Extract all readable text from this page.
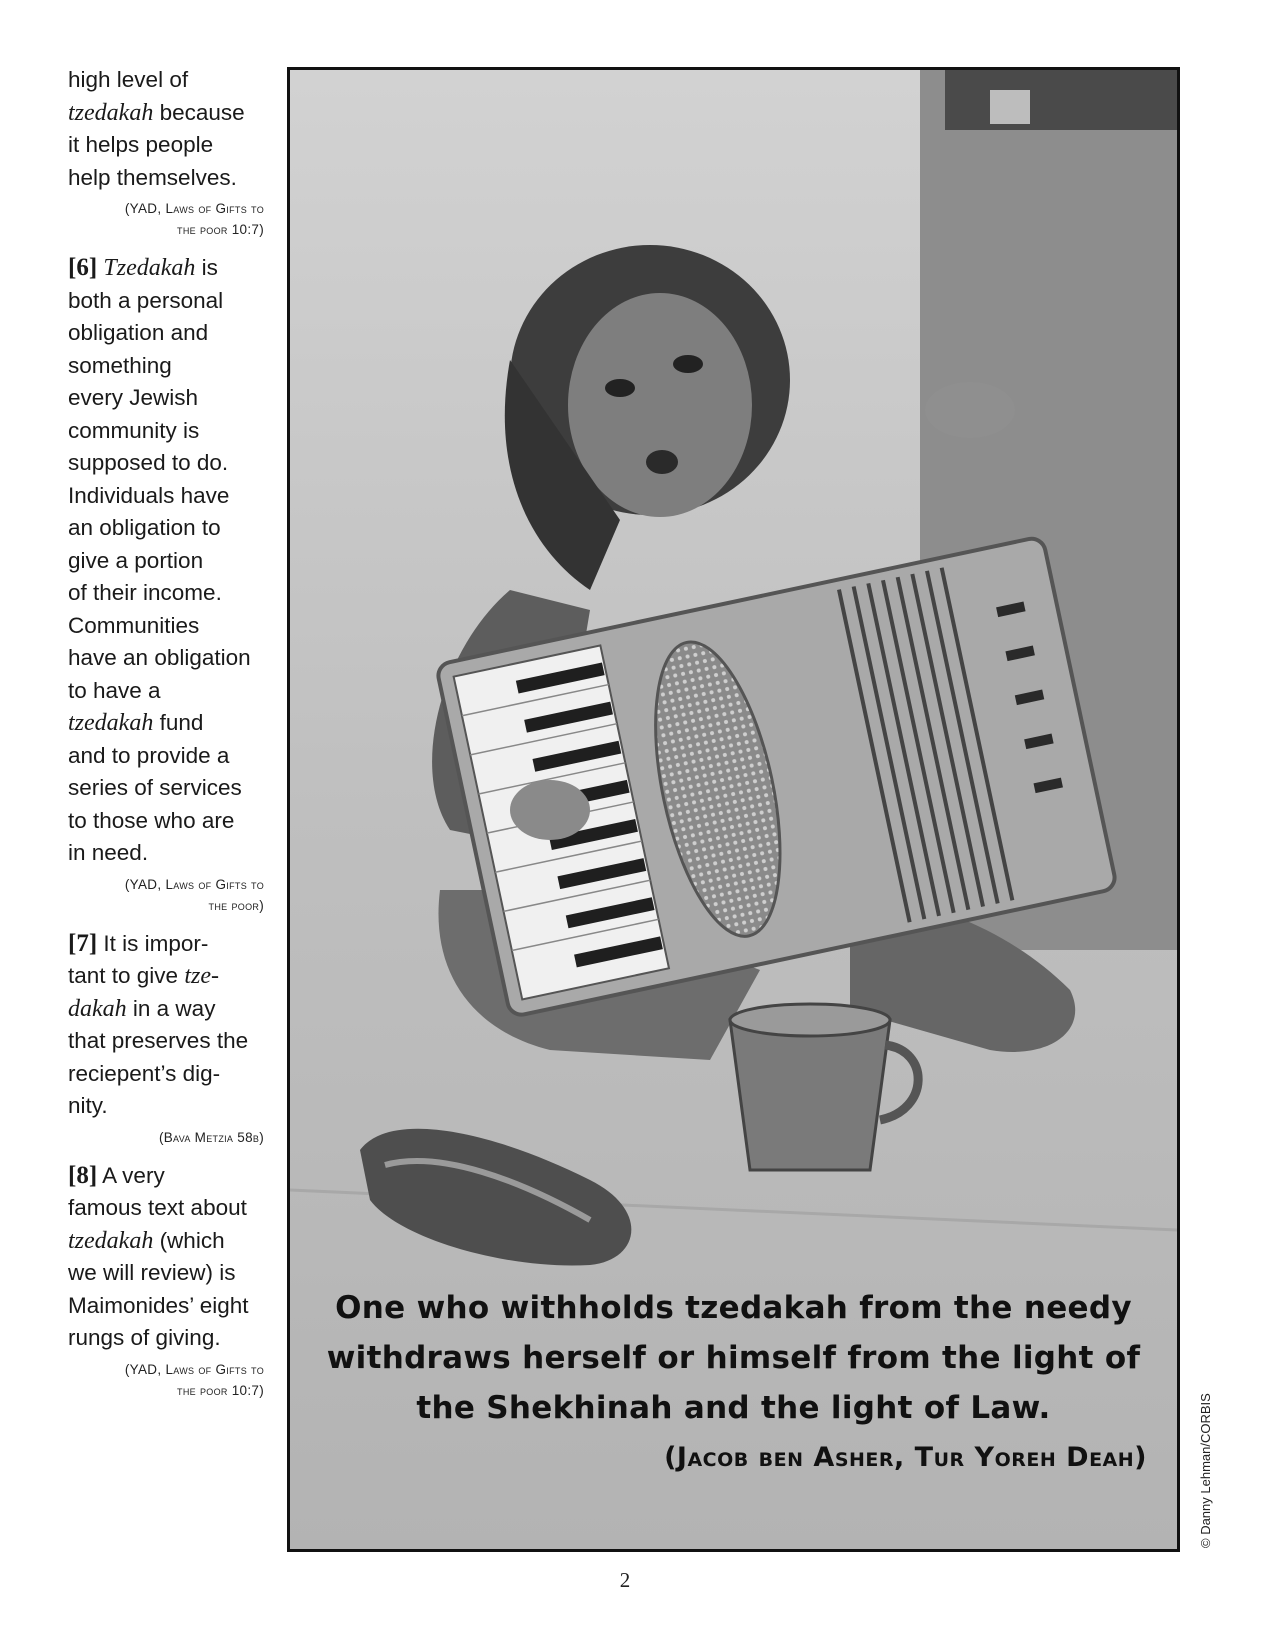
high level of
tzedakah because
it helps people
help themselves.

(YAD, Laws of Gifts to
the poor 10:7)

[6] Tzedakah is
both a personal
obligation and
something
every Jewish
community is
supposed to do.
Individuals have
an obligation to
give a portion
of their income.
Communities
have an obligation
to have a
tzedakah fund
and to provide a
series of services
to those who are
in need.

(YAD, Laws of Gifts to
the poor)

[7] It is impor-
tant to give tze-
dakah in a way
that preserves the
reciepent’s dig-
nity.

(Bava Metzia 58b)

[8] A very
famous text about
tzedakah (which
we will review) is
Maimonides’ eight
rungs of giving.

(YAD, Laws of Gifts to
the poor 10:7)
One who withholds tzedakah from the needy
withdraws herself or himself from the light of
the Shekhinah and the light of Law.
(Jacob ben Asher, Tur Yoreh Deah)	© Danny Lehman/CORBIS
2
